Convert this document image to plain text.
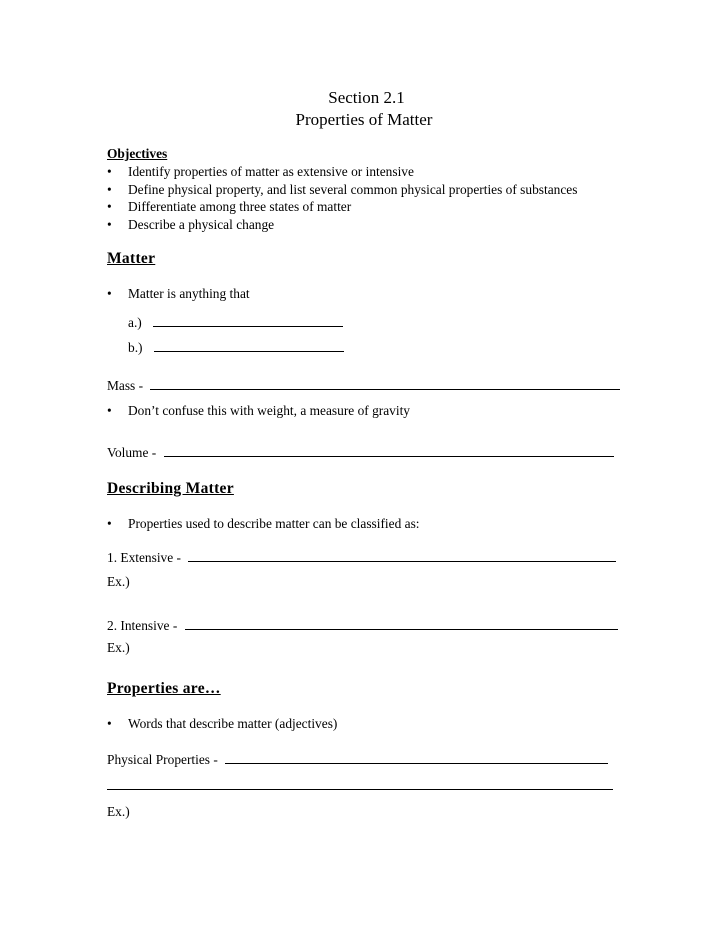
Section 2.1
Properties of Matter
Objectives
• Identify properties of matter as extensive or intensive
• Define physical property, and list several common physical properties of substances
• Differentiate among three states of matter
• Describe a physical change
Matter
• Matter is anything that
a.)
b.)
Mass -
• Don’t confuse this with weight, a measure of gravity
Volume -
Describing Matter
• Properties used to describe matter can be classified as:
1. Extensive -
Ex.)
2. Intensive -
Ex.)
Properties are…
• Words that describe matter (adjectives)
Physical Properties -
Ex.)
